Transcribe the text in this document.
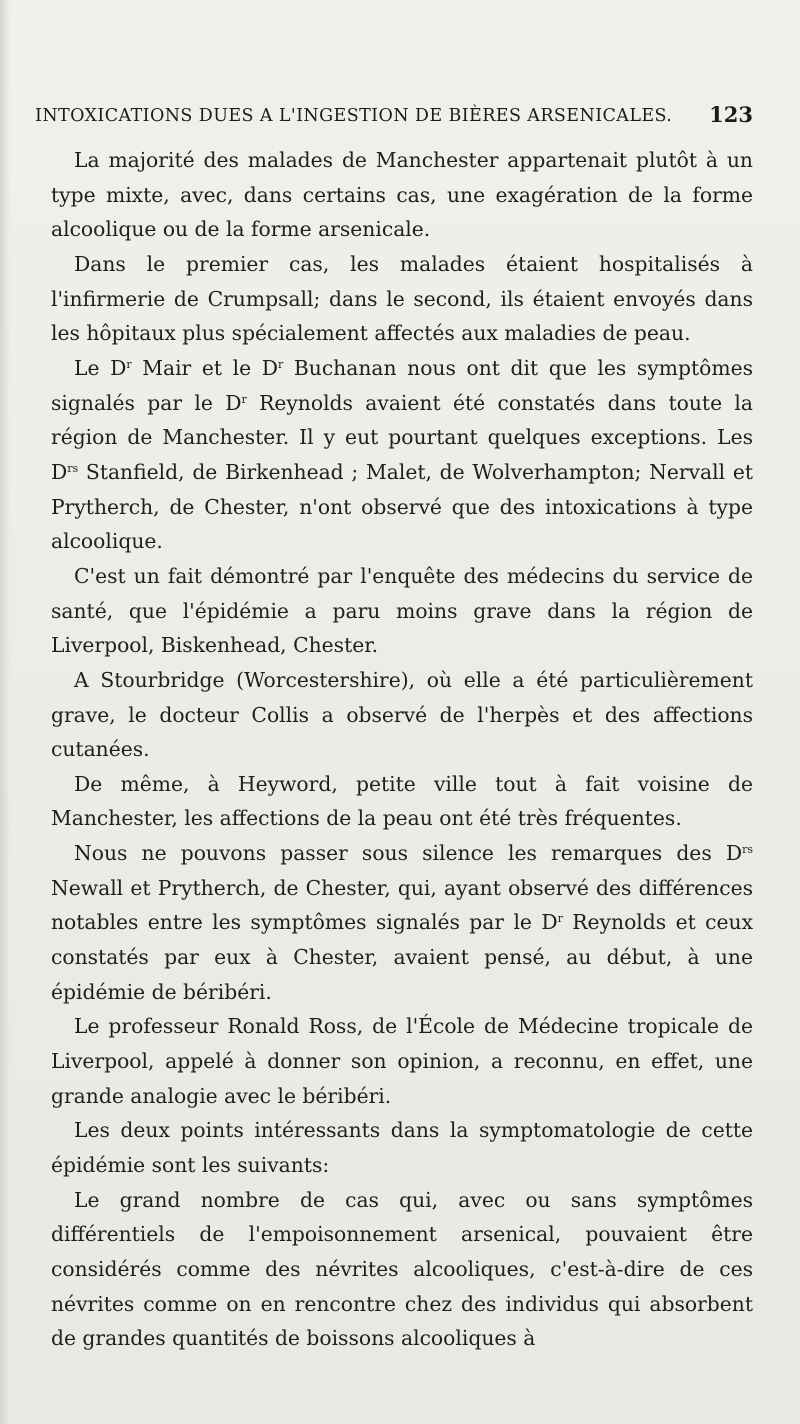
INTOXICATIONS DUES A L'INGESTION DE BIÈRES ARSENICALES. 123

La majorité des malades de Manchester appartenait plutôt à un type mixte, avec, dans certains cas, une exagération de la forme alcoolique ou de la forme arsenicale.

Dans le premier cas, les malades étaient hospitalisés à l'infirmerie de Crumpsall; dans le second, ils étaient envoyés dans les hôpitaux plus spécialement affectés aux maladies de peau.

Le $D^r$ Mair et le $D^r$ Buchanan nous ont dit que les symptômes signalés par le $D^r$ Reynolds avaient été constatés dans toute la région de Manchester. Il y eut pourtant quelques exceptions. Les $D^{rs}$ Stanfield, de Birkenhead ; Malet, de Wolverhampton; Nervall et Prytherch, de Chester, n'ont observé que des intoxications à type alcoolique.

C'est un fait démontré par l'enquête des médecins du service de santé, que l'épidémie a paru moins grave dans la région de Liverpool, Biskenhead, Chester.

A Stourbridge (Worcestershire), où elle a été particulièrement grave, le docteur Collis a observé de l'herpès et des affections cutanées.

De même, à Heyword, petite ville tout à fait voisine de Manchester, les affections de la peau ont été très fréquentes.

Nous ne pouvons passer sous silence les remarques des $D^{rs}$ Newall et Prytherch, de Chester, qui, ayant observé des différences notables entre les symptômes signalés par le $D^r$ Reynolds et ceux constatés par eux à Chester, avaient pensé, au début, à une épidémie de béribéri.

Le professeur Ronald Ross, de l'École de Médecine tropicale de Liverpool, appelé à donner son opinion, a reconnu, en effet, une grande analogie avec le béribéri.

Les deux points intéressants dans la symptomatologie de cette épidémie sont les suivants:

Le grand nombre de cas qui, avec ou sans symptômes différentiels de l'empoisonnement arsenical, pouvaient être considérés comme des névrites alcooliques, c'est-à-dire de ces névrites comme on en rencontre chez des individus qui absorbent de grandes quantités de boissons alcooliques à
